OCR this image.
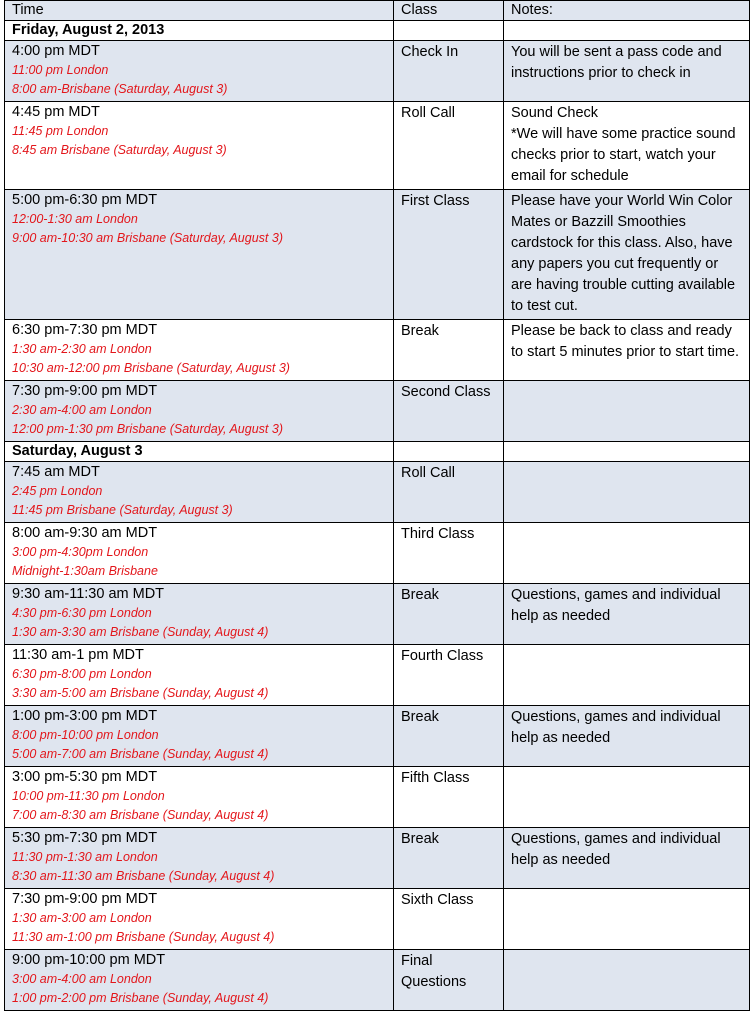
Time	Class	Notes:
Friday, August 2, 2013		

4:00 pm MDT
11:00 pm London
8:00 am-Brisbane (Saturday, August 3)	Check In	You will be sent a pass code and instructions prior to check in

4:45 pm MDT
11:45 pm London
8:45 am Brisbane (Saturday, August 3)	Roll Call	Sound Check
*We will have some practice sound checks prior to start, watch your email for schedule

5:00 pm-6:30 pm MDT
12:00-1:30 am London
9:00 am-10:30 am Brisbane (Saturday, August 3)	First Class	Please have your World Win Color Mates or Bazzill Smoothies cardstock for this class. Also, have any papers you cut frequently or are having trouble cutting available to test cut.

6:30 pm-7:30 pm MDT
1:30 am-2:30 am London
10:30 am-12:00 pm Brisbane (Saturday, August 3)	Break	Please be back to class and ready to start 5 minutes prior to start time.

7:30 pm-9:00 pm MDT
2:30 am-4:00 am London
12:00 pm-1:30 pm Brisbane (Saturday, August 3)	Second Class	

Saturday, August 3		

7:45 am MDT
2:45 pm London
11:45 pm Brisbane (Saturday, August 3)	Roll Call	

8:00 am-9:30 am MDT
3:00 pm-4:30pm London
Midnight-1:30am Brisbane	Third Class	

9:30 am-11:30 am MDT
4:30 pm-6:30 pm London
1:30 am-3:30 am Brisbane (Sunday, August 4)	Break	Questions, games and individual help as needed

11:30 am-1 pm MDT
6:30 pm-8:00 pm London
3:30 am-5:00 am Brisbane (Sunday, August 4)	Fourth Class	

1:00 pm-3:00 pm MDT
8:00 pm-10:00 pm London
5:00 am-7:00 am Brisbane (Sunday, August 4)	Break	Questions, games and individual help as needed

3:00 pm-5:30 pm MDT
10:00 pm-11:30 pm London
7:00 am-8:30 am Brisbane (Sunday, August 4)	Fifth Class	

5:30 pm-7:30 pm MDT
11:30 pm-1:30 am London
8:30 am-11:30 am Brisbane (Sunday, August 4)	Break	Questions, games and individual help as needed

7:30 pm-9:00 pm MDT
1:30 am-3:00 am London
11:30 am-1:00 pm Brisbane (Sunday, August 4)	Sixth Class	

9:00 pm-10:00 pm MDT
3:00 am-4:00 am London
1:00 pm-2:00 pm Brisbane (Sunday, August 4)	Final
Questions	
